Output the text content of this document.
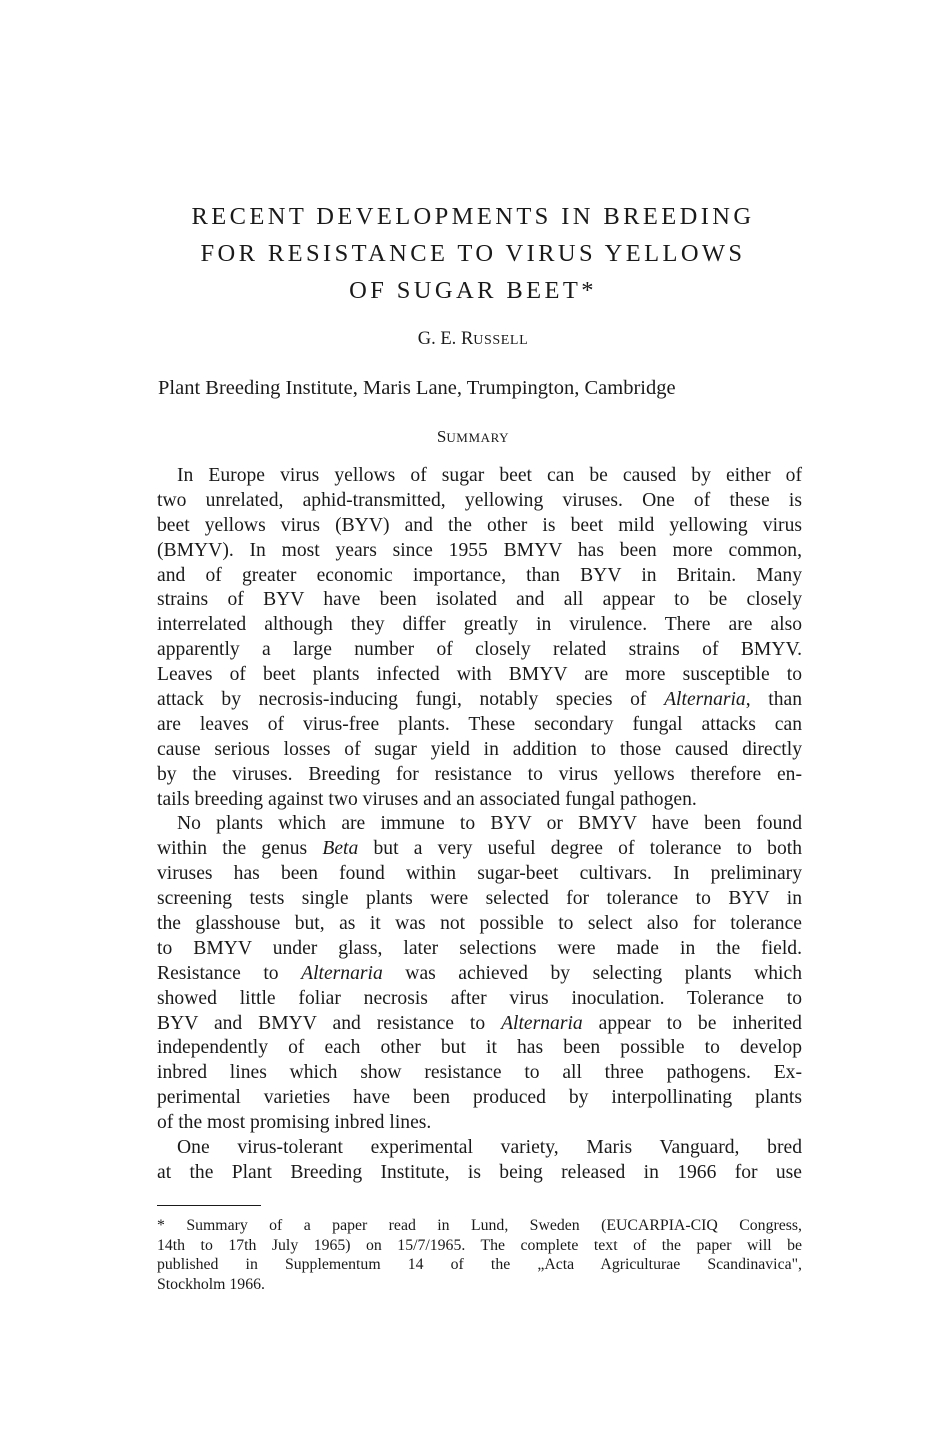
RECENT DEVELOPMENTS IN BREEDING
FOR RESISTANCE TO VIRUS YELLOWS
OF SUGAR BEET*

G. E. RUSSELL

Plant Breeding Institute, Maris Lane, Trumpington, Cambridge

SUMMARY

In Europe virus yellows of sugar beet can be caused by either of
two unrelated, aphid-transmitted, yellowing viruses. One of these is
beet yellows virus (BYV) and the other is beet mild yellowing virus
(BMYV). In most years since 1955 BMYV has been more common,
and of greater economic importance, than BYV in Britain. Many
strains of BYV have been isolated and all appear to be closely
interrelated although they differ greatly in virulence. There are also
apparently a large number of closely related strains of BMYV.
Leaves of beet plants infected with BMYV are more susceptible to
attack by necrosis-inducing fungi, notably species of Alternaria, than
are leaves of virus-free plants. These secondary fungal attacks can
cause serious losses of sugar yield in addition to those caused directly
by the viruses. Breeding for resistance to virus yellows therefore en-
tails breeding against two viruses and an associated fungal pathogen.
No plants which are immune to BYV or BMYV have been found
within the genus Beta but a very useful degree of tolerance to both
viruses has been found within sugar-beet cultivars. In preliminary
screening tests single plants were selected for tolerance to BYV in
the glasshouse but, as it was not possible to select also for tolerance
to BMYV under glass, later selections were made in the field.
Resistance to Alternaria was achieved by selecting plants which
showed little foliar necrosis after virus inoculation. Tolerance to
BYV and BMYV and resistance to Alternaria appear to be inherited
independently of each other but it has been possible to develop
inbred lines which show resistance to all three pathogens. Ex-
perimental varieties have been produced by interpollinating plants
of the most promising inbred lines.
One virus-tolerant experimental variety, Maris Vanguard, bred
at the Plant Breeding Institute, is being released in 1966 for use
* Summary of a paper read in Lund, Sweden (EUCARPIA-CIQ Congress,
14th to 17th July 1965) on 15/7/1965. The complete text of the paper will be
published in Supplementum 14 of the „Acta Agriculturae Scandinavica",
Stockholm 1966.
